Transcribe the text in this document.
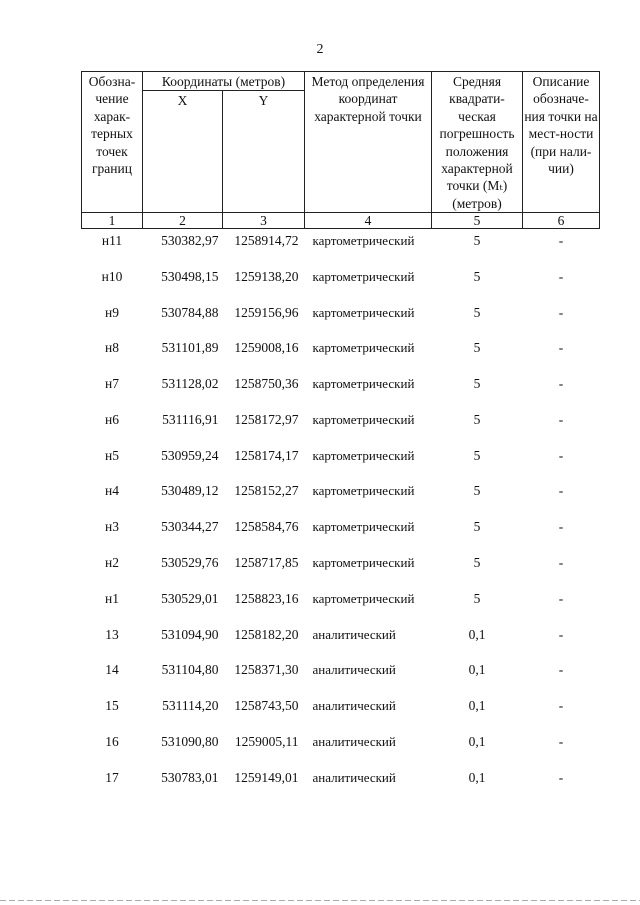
2
Обозна-чение харак-терных точек границ	Координаты (метров)		Метод определения координат характерной точки	Средняя квадрати-ческая погрешность положения характерной точки (Mₜ) (метров)	Описание обозначе-ния точки на мест-ности (при нали-чии)
	X	Y			
1	2	3	4	5	6
н11	530382,97	1258914,72	картометрический	5	-
н10	530498,15	1259138,20	картометрический	5	-
н9	530784,88	1259156,96	картометрический	5	-
н8	531101,89	1259008,16	картометрический	5	-
н7	531128,02	1258750,36	картометрический	5	-
н6	531116,91	1258172,97	картометрический	5	-
н5	530959,24	1258174,17	картометрический	5	-
н4	530489,12	1258152,27	картометрический	5	-
н3	530344,27	1258584,76	картометрический	5	-
н2	530529,76	1258717,85	картометрический	5	-
н1	530529,01	1258823,16	картометрический	5	-
13	531094,90	1258182,20	аналитический	0,1	-
14	531104,80	1258371,30	аналитический	0,1	-
15	531114,20	1258743,50	аналитический	0,1	-
16	531090,80	1259005,11	аналитический	0,1	-
17	530783,01	1259149,01	аналитический	0,1	-
